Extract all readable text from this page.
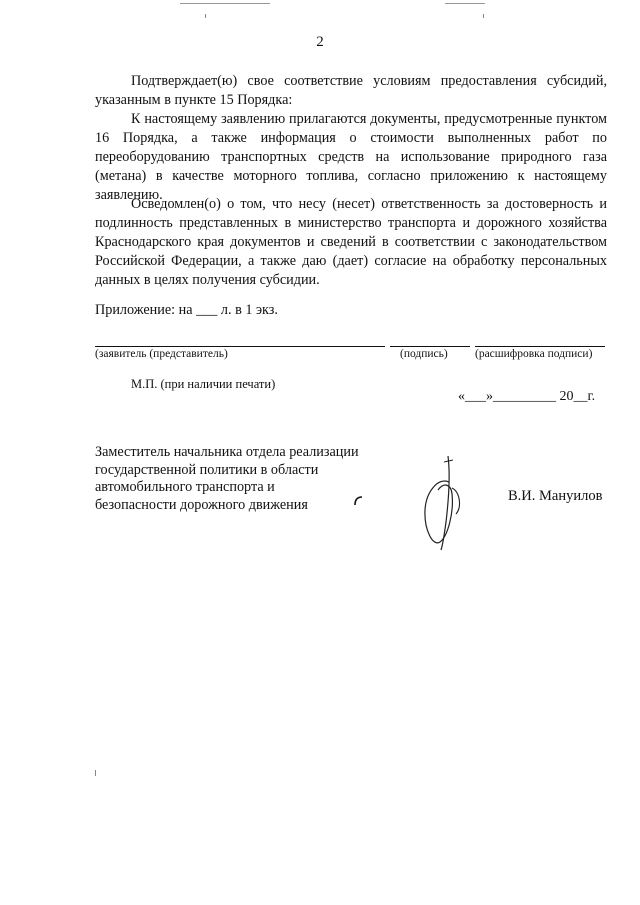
2

Подтверждает(ю) свое соответствие условиям предоставления субсидий, указанным в пункте 15 Порядка:

К настоящему заявлению прилагаются документы, предусмотренные пунктом 16 Порядка, а также информация о стоимости выполненных работ по переоборудованию транспортных средств на использование природного газа (метана) в качестве моторного топлива, согласно приложению к настоящему заявлению.

Осведомлен(о) о том, что несу (несет) ответственность за достоверность и подлинность представленных в министерство транспорта и дорожного хозяйства Краснодарского края документов и сведений в соответствии с законодательством Российской Федерации, а также даю (дает) согласие на обработку персональных данных в целях получения субсидии.

Приложение: на ___ л. в 1 экз.
(заявитель (представитель)	(подпись) (расшифровка подписи)
М.П. (при наличии печати)
«___»_________ 20__г.
Заместитель начальника отдела реализации
государственной политики в области
автомобильного транспорта и
безопасности дорожного движения
В.И. Мануилов
